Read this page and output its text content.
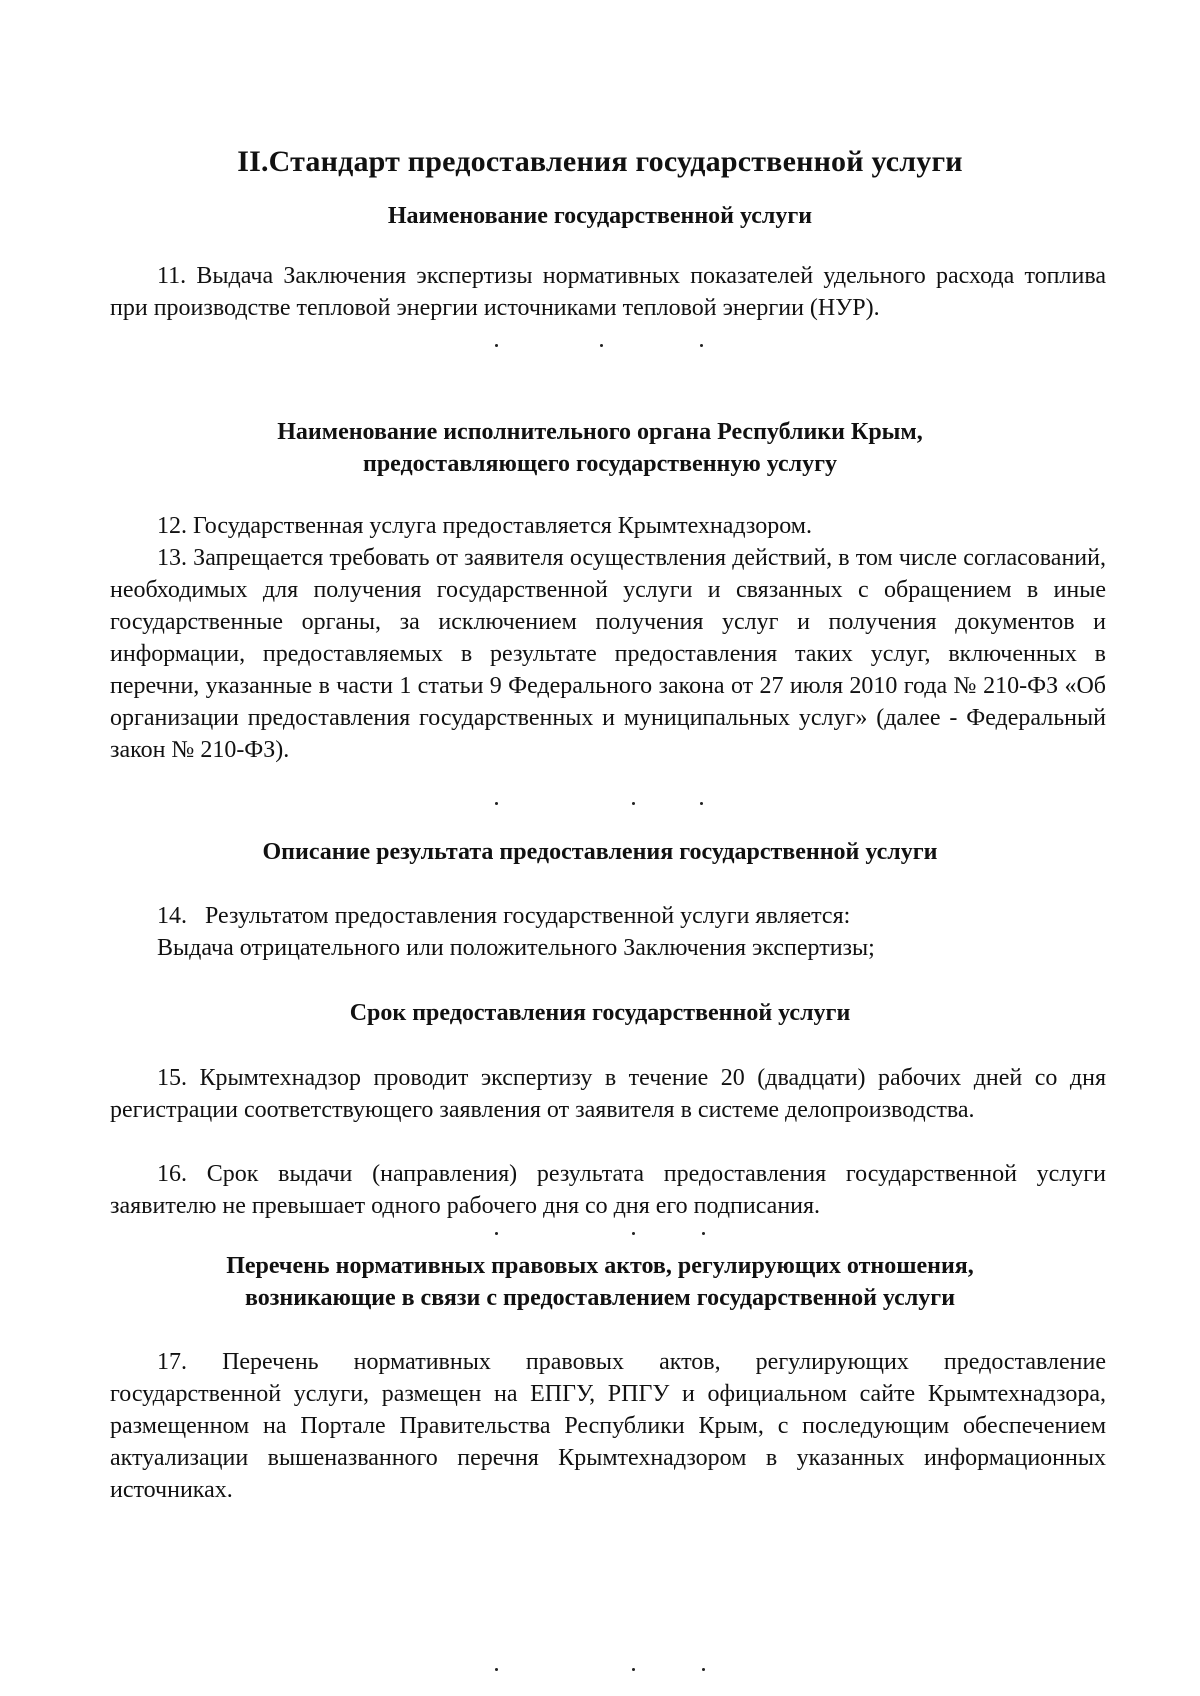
II.Стандарт предоставления государственной услуги
Наименование государственной услуги

11. Выдача Заключения экспертизы нормативных показателей удельного расхода топлива при производстве тепловой энергии источниками тепловой энергии (НУР).

Наименование исполнительного органа Республики Крым,
предоставляющего государственную услугу

12. Государственная услуга предоставляется Крымтехнадзором.

13. Запрещается требовать от заявителя осуществления действий, в том числе согласований, необходимых для получения государственной услуги и связанных с обращением в иные государственные органы, за исключением получения услуг и получения документов и информации, предоставляемых в результате предоставления таких услуг, включенных в перечни, указанные в части 1 статьи 9 Федерального закона от 27 июля 2010 года № 210-ФЗ «Об организации предоставления государственных и муниципальных услуг» (далее - Федеральный закон № 210-ФЗ).

Описание результата предоставления государственной услуги

14.   Результатом предоставления государственной услуги является:

Выдача отрицательного или положительного Заключения экспертизы;

Срок предоставления государственной услуги

15. Крымтехнадзор проводит экспертизу в течение 20 (двадцати) рабочих дней со дня регистрации соответствующего заявления от заявителя в системе делопроизводства.

16. Срок выдачи (направления) результата предоставления государственной услуги заявителю не превышает одного рабочего дня со дня его подписания.

Перечень нормативных правовых актов, регулирующих отношения,
возникающие в связи с предоставлением государственной услуги

17. Перечень нормативных правовых актов, регулирующих предоставление государственной услуги, размещен на ЕПГУ, РПГУ и официальном сайте Крымтехнадзора, размещенном на Портале Правительства Республики Крым, с последующим обеспечением актуализации вышеназванного перечня Крымтехнадзором в указанных информационных источниках.
